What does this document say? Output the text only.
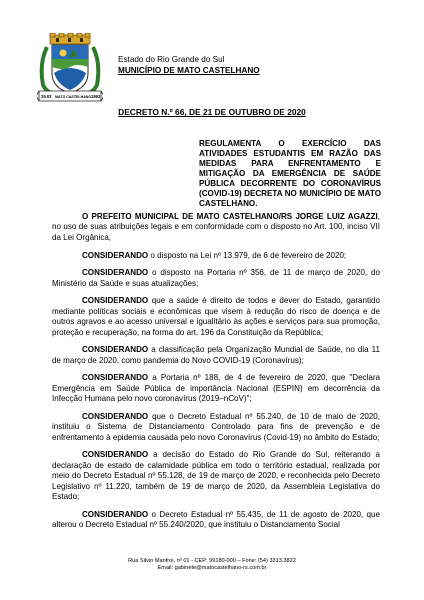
25.03 MATO CASTELHANO 1992
Estado do Rio Grande do Sul
MUNICÍPIO DE MATO CASTELHANO
DECRETO N.º 66, DE 21 DE OUTUBRO DE 2020
REGULAMENTA O EXERCÍCIO DAS ATIVIDADES ESTUDANTIS EM RAZÃO DAS MEDIDAS PARA ENFRENTAMENTO E MITIGAÇÃO DA EMERGÊNCIA DE SAÚDE PÚBLICA DECORRENTE DO CORONAVÍRUS (COVID-19) DECRETA NO MUNICÍPIO DE MATO CASTELHANO.

O PREFEITO MUNICIPAL DE MATO CASTELHANO/RS JORGE LUIZ AGAZZI, no uso de suas atribuições legais e em conformidade com o disposto no Art. 100, inciso VII da Lei Orgânica,

CONSIDERANDO o disposto na Lei nº 13.979, de 6 de fevereiro de 2020;

CONSIDERANDO o disposto na Portaria nº 356, de 11 de março de 2020, do Ministério da Saúde e suas atualizações;

CONSIDERANDO que a saúde é direito de todos e dever do Estado, garantido mediante políticas sociais e econômicas que visem à redução do risco de doença e de outros agravos e ao acesso universal e igualitário às ações e serviços para sua promoção, proteção e recuperação, na forma do art. 196 da Constituição da República;

CONSIDERANDO a classificação pela Organização Mundial de Saúde, no dia 11 de março de 2020, como pandemia do Novo COVID-19 (Coronavírus);

CONSIDERANDO a Portaria nº 188, de 4 de fevereiro de 2020, que "Declara Emergência em Saúde Pública de importância Nacional (ESPIN) em decorrência da Infecção Humana pelo novo coronavírus (2019–nCoV)";

CONSIDERANDO que o Decreto Estadual nº 55.240, de 10 de maio de 2020, instituiu o Sistema de Distanciamento Controlado para fins de prevenção e de enfrentamento à epidemia causada pelo novo Coronavírus (Covid-19) no âmbito do Estado;

CONSIDERANDO a decisão do Estado do Rio Grande do Sul, reiterando a declaração de estado de calamidade pública em todo o território estadual, realizada por meio do Decreto Estadual nº 55.128, de 19 de março de 2020, e reconhecida pelo Decreto Legislativo nº 11.220, também de 19 de março de 2020, da Assembleia Legislativa do Estado;

CONSIDERANDO o Decreto Estadual nº 55.435, de 11 de agosto de 2020, que alterou o Decreto Estadual nº 55.240/2020, que instituiu o Distanciamento Social

Rua Silvio Manfroi, nº 01 - CEP: 99180-000 – Fone: (54) 3313.3822
Email: gabinete@matocastelhano-rs.com.br
